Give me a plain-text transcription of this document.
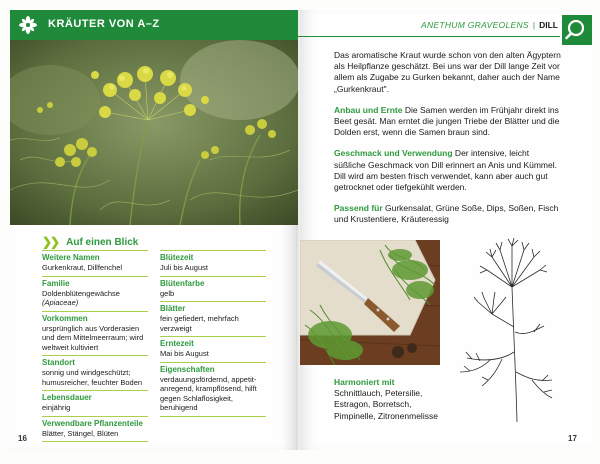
KRÄUTER VON A–Z
❯❯ Auf einen Blick
Weitere Namen
Gurkenkraut, Dillfenchel
Familie
Doldenblütengewächse
(Apiaceae)
Vorkommen
ursprünglich aus Vorderasien und dem Mittelmeerraum; wird weltweit kultiviert
Standort
sonnig und windgeschützt; humusreicher, feuchter Boden
Lebensdauer
einjährig
Verwendbare Pflanzenteile
Blätter, Stängel, Blüten
Blütezeit
Juli bis August
Blütenfarbe
gelb
Blätter
fein gefiedert, mehrfach verzweigt
Erntezeit
Mai bis August
Eigenschaften
verdauungsfördernd, appetitanregend, krampflösend, hilft gegen Schlaflosigkeit, beruhigend
16
ANETHUM GRAVEOLENS | DILL

Das aromatische Kraut wurde schon von den alten Ägyptern als Heilpflanze geschätzt. Bei uns war der Dill lange Zeit vor allem als Zugabe zu Gurken bekannt, daher auch der Name „Gurkenkraut".

Anbau und Ernte Die Samen werden im Frühjahr direkt ins Beet gesät. Man erntet die jungen Triebe der Blätter und die Dolden erst, wenn die Samen braun sind.

Geschmack und Verwendung Der intensive, leicht süßliche Geschmack von Dill erinnert an Anis und Kümmel. Dill wird am besten frisch verwendet, kann aber auch gut getrocknet oder tiefgekühlt werden.

Passend für Gurkensalat, Grüne Soße, Dips, Soßen, Fisch und Krustentiere, Kräuteressig

Harmoniert mit Schnittlauch, Petersilie, Estragon, Borretsch, Pimpinelle, Zitronenmelisse
17
